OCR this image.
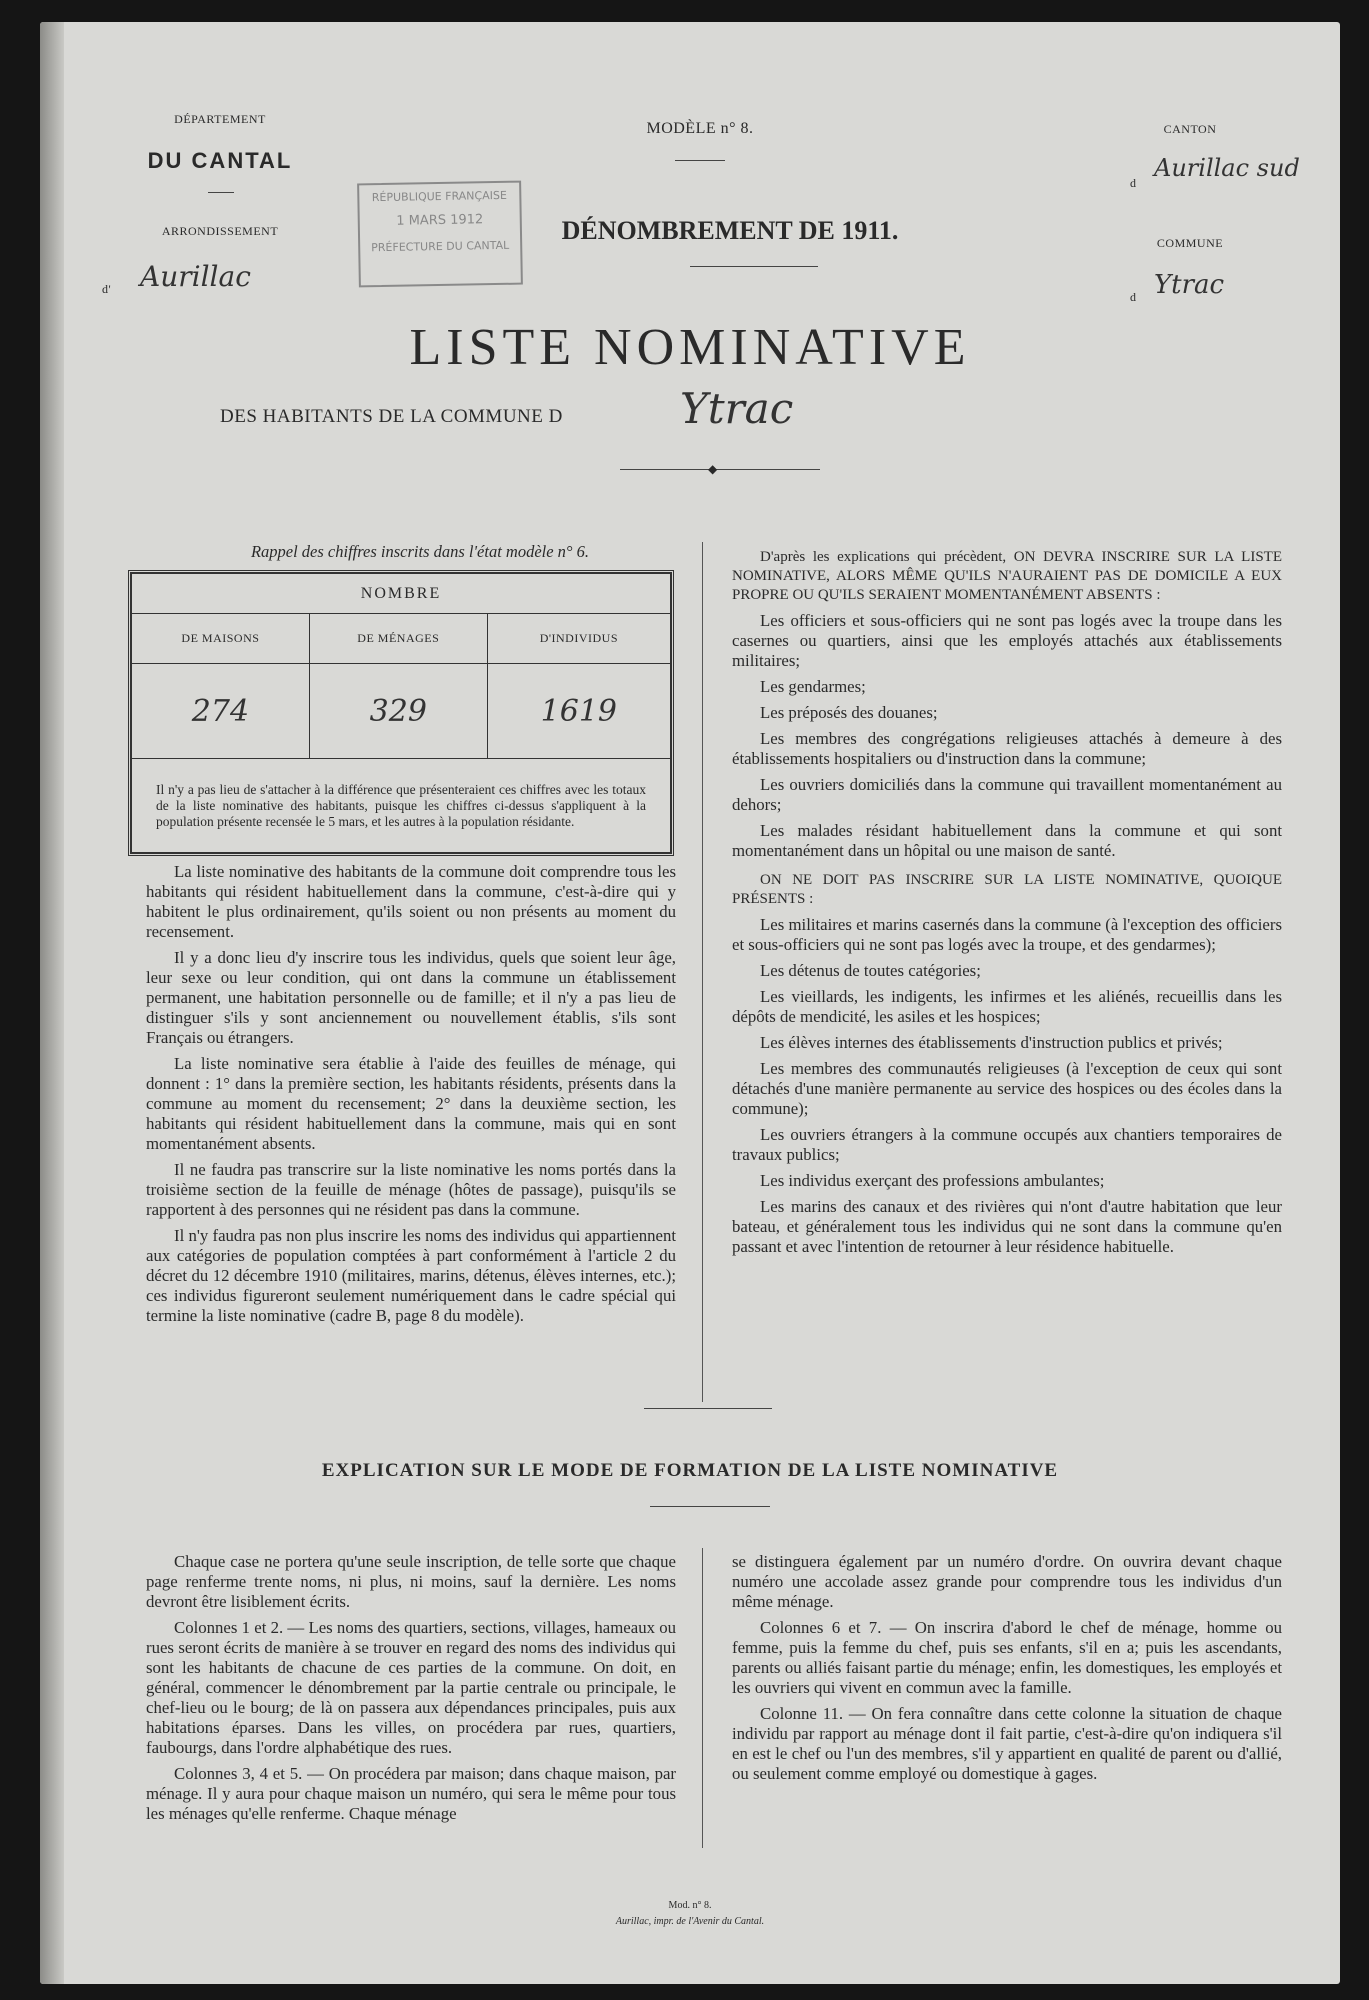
DÉPARTEMENT
DU CANTAL
ARRONDISSEMENT
d' Aurillac
MODÈLE n° 8.
DÉNOMBREMENT DE 1911.
RÉPUBLIQUE FRANÇAISE
1 MARS 1912
PRÉFECTURE DU CANTAL
CANTON
d
Aurillac sud
COMMUNE
d Ytrac
LISTE NOMINATIVE
DES HABITANTS DE LA COMMUNE D	Ytrac
◆
Rappel des chiffres inscrits dans l'état modèle n° 6.
NOMBRE		
DE MAISONS	DE MÉNAGES	D'INDIVIDUS
274	329	1619
Il n'y a pas lieu de s'attacher à la différence que présenteraient ces chiffres avec les totaux de la liste nominative des habitants, puisque les chiffres ci-dessus s'appliquent à la population présente recensée le 5 mars, et les autres à la population résidante.		

La liste nominative des habitants de la commune doit comprendre tous les habitants qui résident habituellement dans la commune, c'est-à-dire qui y habitent le plus ordinairement, qu'ils soient ou non présents au moment du recensement.

Il y a donc lieu d'y inscrire tous les individus, quels que soient leur âge, leur sexe ou leur condition, qui ont dans la commune un établissement permanent, une habitation personnelle ou de famille; et il n'y a pas lieu de distinguer s'ils y sont anciennement ou nouvellement établis, s'ils sont Français ou étrangers.

La liste nominative sera établie à l'aide des feuilles de ménage, qui donnent : 1° dans la première section, les habitants résidents, présents dans la commune au moment du recensement; 2° dans la deuxième section, les habitants qui résident habituellement dans la commune, mais qui en sont momentanément absents.

Il ne faudra pas transcrire sur la liste nominative les noms portés dans la troisième section de la feuille de ménage (hôtes de passage), puisqu'ils se rapportent à des personnes qui ne résident pas dans la commune.

Il n'y faudra pas non plus inscrire les noms des individus qui appartiennent aux catégories de population comptées à part conformément à l'article 2 du décret du 12 décembre 1910 (militaires, marins, détenus, élèves internes, etc.); ces individus figureront seulement numériquement dans le cadre spécial qui termine la liste nominative (cadre B, page 8 du modèle).

D'après les explications qui précèdent, ON DEVRA INSCRIRE SUR LA LISTE NOMINATIVE, ALORS MÊME QU'ILS N'AURAIENT PAS DE DOMICILE A EUX PROPRE OU QU'ILS SERAIENT MOMENTANÉMENT ABSENTS :

Les officiers et sous-officiers qui ne sont pas logés avec la troupe dans les casernes ou quartiers, ainsi que les employés attachés aux établissements militaires;

Les gendarmes;

Les préposés des douanes;

Les membres des congrégations religieuses attachés à demeure à des établissements hospitaliers ou d'instruction dans la commune;

Les ouvriers domiciliés dans la commune qui travaillent momentanément au dehors;

Les malades résidant habituellement dans la commune et qui sont momentanément dans un hôpital ou une maison de santé.

ON NE DOIT PAS INSCRIRE SUR LA LISTE NOMINATIVE, QUOIQUE PRÉSENTS :

Les militaires et marins casernés dans la commune (à l'exception des officiers et sous-officiers qui ne sont pas logés avec la troupe, et des gendarmes);

Les détenus de toutes catégories;

Les vieillards, les indigents, les infirmes et les aliénés, recueillis dans les dépôts de mendicité, les asiles et les hospices;

Les élèves internes des établissements d'instruction publics et privés;

Les membres des communautés religieuses (à l'exception de ceux qui sont détachés d'une manière permanente au service des hospices ou des écoles dans la commune);

Les ouvriers étrangers à la commune occupés aux chantiers temporaires de travaux publics;

Les individus exerçant des professions ambulantes;

Les marins des canaux et des rivières qui n'ont d'autre habitation que leur bateau, et généralement tous les individus qui ne sont dans la commune qu'en passant et avec l'intention de retourner à leur résidence habituelle.

EXPLICATION SUR LE MODE DE FORMATION DE LA LISTE NOMINATIVE

Chaque case ne portera qu'une seule inscription, de telle sorte que chaque page renferme trente noms, ni plus, ni moins, sauf la dernière. Les noms devront être lisiblement écrits.

Colonnes 1 et 2. — Les noms des quartiers, sections, villages, hameaux ou rues seront écrits de manière à se trouver en regard des noms des individus qui sont les habitants de chacune de ces parties de la commune. On doit, en général, commencer le dénombrement par la partie centrale ou principale, le chef-lieu ou le bourg; de là on passera aux dépendances principales, puis aux habitations éparses. Dans les villes, on procédera par rues, quartiers, faubourgs, dans l'ordre alphabétique des rues.

Colonnes 3, 4 et 5. — On procédera par maison; dans chaque maison, par ménage. Il y aura pour chaque maison un numéro, qui sera le même pour tous les ménages qu'elle renferme. Chaque ménage

se distinguera également par un numéro d'ordre. On ouvrira devant chaque numéro une accolade assez grande pour comprendre tous les individus d'un même ménage.

Colonnes 6 et 7. — On inscrira d'abord le chef de ménage, homme ou femme, puis la femme du chef, puis ses enfants, s'il en a; puis les ascendants, parents ou alliés faisant partie du ménage; enfin, les domestiques, les employés et les ouvriers qui vivent en commun avec la famille.

Colonne 11. — On fera connaître dans cette colonne la situation de chaque individu par rapport au ménage dont il fait partie, c'est-à-dire qu'on indiquera s'il en est le chef ou l'un des membres, s'il y appartient en qualité de parent ou d'allié, ou seulement comme employé ou domestique à gages.

Mod. n° 8.
Aurillac, impr. de l'Avenir du Cantal.
